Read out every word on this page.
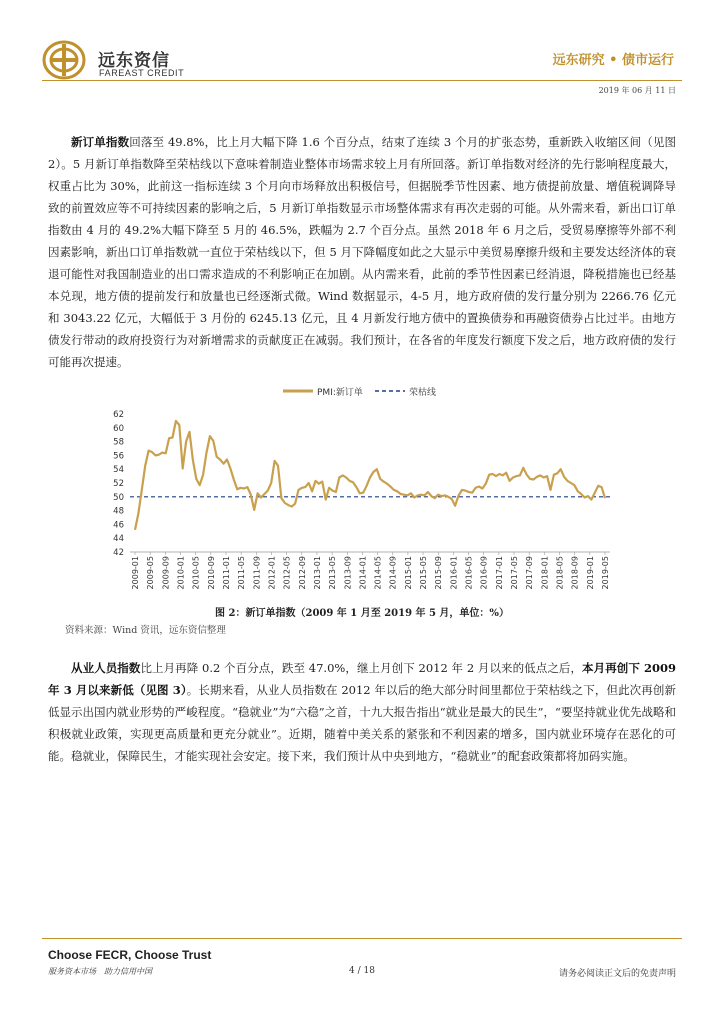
远东资信
FAREAST CREDIT
远东研究 • 债市运行
2019 年 06 月 11 日
新订单指数回落至 49.8%，比上月大幅下降 1.6 个百分点，结束了连续 3 个月的扩张态势，重新跌入收缩区间（见图 2）。5 月新订单指数降至荣枯线以下意味着制造业整体市场需求较上月有所回落。新订单指数对经济的先行影响程度最大，权重占比为 30%，此前这一指标连续 3 个月向市场释放出积极信号，但据脱季节性因素、地方债提前放量、增值税调降导致的前置效应等不可持续因素的影响之后，5 月新订单指数显示市场整体需求有再次走弱的可能。从外需来看，新出口订单指数由 4 月的 49.2%大幅下降至 5 月的 46.5%，跌幅为 2.7 个百分点。虽然 2018 年 6 月之后，受贸易摩擦等外部不利因素影响，新出口订单指数就一直位于荣枯线以下，但 5 月下降幅度如此之大显示中美贸易摩擦升级和主要发达经济体的衰退可能性对我国制造业的出口需求造成的不利影响正在加剧。从内需来看，此前的季节性因素已经消退，降税措施也已经基本兑现，地方债的提前发行和放量也已经逐渐式微。Wind 数据显示，4-5 月，地方政府债的发行量分别为 2266.76 亿元和 3043.22 亿元，大幅低于 3 月份的 6245.13 亿元，且 4 月新发行地方债中的置换债券和再融资债券占比过半。由地方债发行带动的政府投资行为对新增需求的贡献度正在减弱。我们预计，在各省的年度发行额度下发之后，地方政府债的发行可能再次提速。
PMI:新订单	荣枯线
62
60
58
56
54
52
50
48
46
44
42
2009-01 2009-05 2009-09 2010-01 2010-05 2010-09 2011-01 2011-05 2011-09 2012-01 2012-05 2012-09 2013-01 2013-05 2013-09 2014-01 2014-05 2014-09 2015-01 2015-05 2015-09 2016-01 2016-05 2016-09 2017-01 2017-05 2017-09 2018-01 2018-05 2018-09 2019-01 2019-05
图 2：新订单指数（2009 年 1 月至 2019 年 5 月，单位：%）
资料来源：Wind 资讯，远东资信整理
从业人员指数比上月再降 0.2 个百分点，跌至 47.0%，继上月创下 2012 年 2 月以来的低点之后，本月再创下 2009 年 3 月以来新低（见图 3）。长期来看，从业人员指数在 2012 年以后的绝大部分时间里都位于荣枯线之下，但此次再创新低显示出国内就业形势的严峻程度。“稳就业”为“六稳”之首，十九大报告指出“就业是最大的民生”，“要坚持就业优先战略和积极就业政策，实现更高质量和更充分就业”。近期，随着中美关系的紧张和不利因素的增多，国内就业环境存在恶化的可能。稳就业，保障民生，才能实现社会安定。接下来，我们预计从中央到地方，“稳就业”的配套政策都将加码实施。
Choose FECR, Choose Trust
服务资本市场　助力信用中国	4 / 18	请务必阅读正文后的免责声明
